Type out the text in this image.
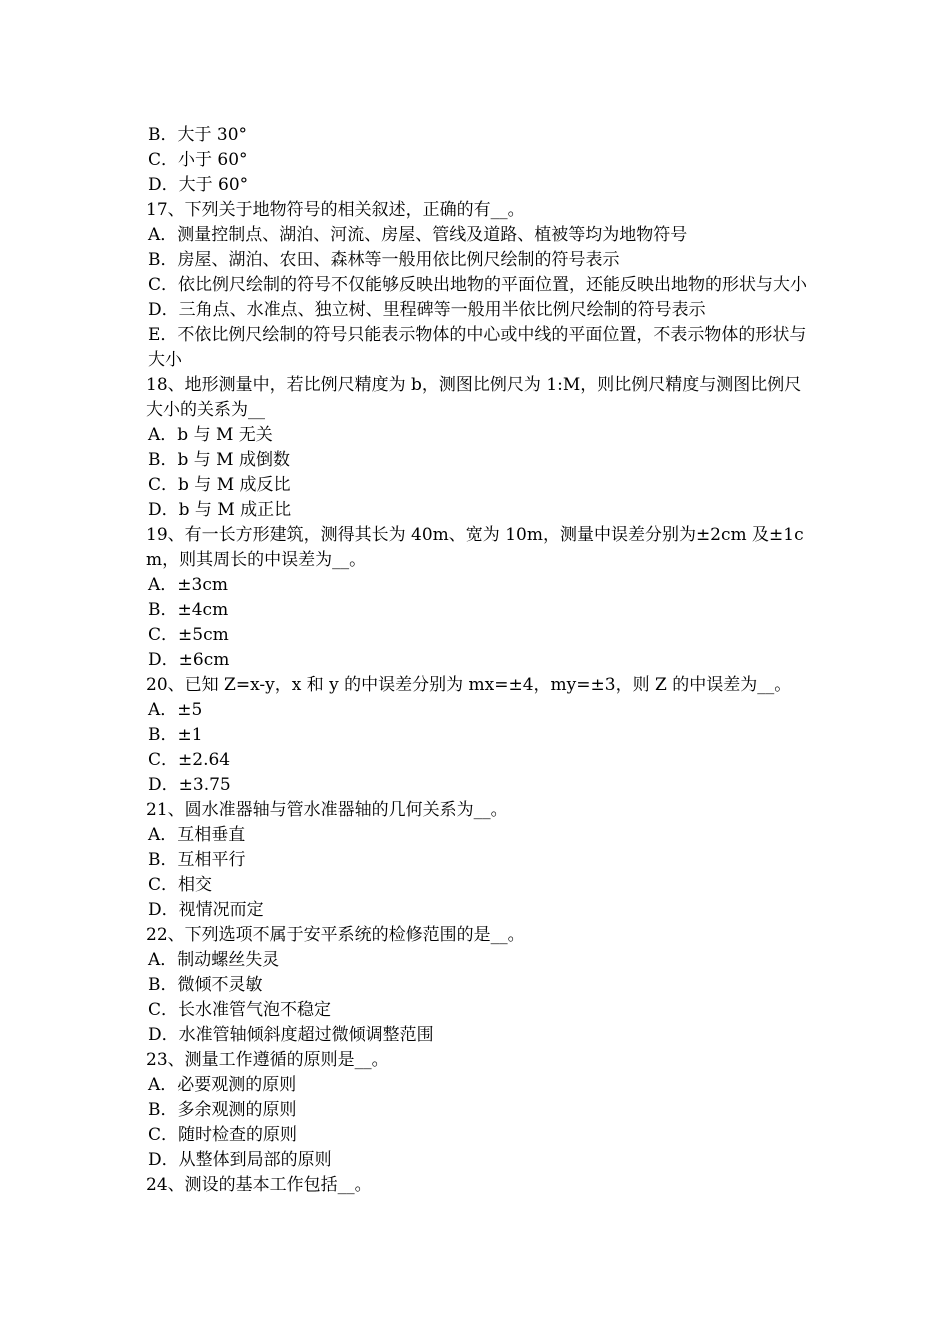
B．大于 30°
C．小于 60°
D．大于 60°
17、下列关于地物符号的相关叙述，正确的有__。
A．测量控制点、湖泊、河流、房屋、管线及道路、植被等均为地物符号
B．房屋、湖泊、农田、森林等一般用依比例尺绘制的符号表示
C．依比例尺绘制的符号不仅能够反映出地物的平面位置，还能反映出地物的形状与大小
D．三角点、水准点、独立树、里程碑等一般用半依比例尺绘制的符号表示
E．不依比例尺绘制的符号只能表示物体的中心或中线的平面位置，不表示物体的形状与大小
18、地形测量中，若比例尺精度为 b，测图比例尺为 1:M，则比例尺精度与测图比例尺大小的关系为__
A．b 与 M 无关
B．b 与 M 成倒数
C．b 与 M 成反比
D．b 与 M 成正比
19、有一长方形建筑，测得其长为 40m、宽为 10m，测量中误差分别为±2cm 及±1cm，则其周长的中误差为__。
A．±3cm
B．±4cm
C．±5cm
D．±6cm
20、已知 Z=x-y，x 和 y 的中误差分别为 mx=±4，my=±3，则 Z 的中误差为__。
A．±5
B．±1
C．±2.64
D．±3.75
21、圆水准器轴与管水准器轴的几何关系为__。
A．互相垂直
B．互相平行
C．相交
D．视情况而定
22、下列选项不属于安平系统的检修范围的是__。
A．制动螺丝失灵
B．微倾不灵敏
C．长水准管气泡不稳定
D．水准管轴倾斜度超过微倾调整范围
23、测量工作遵循的原则是__。
A．必要观测的原则
B．多余观测的原则
C．随时检查的原则
D．从整体到局部的原则
24、测设的基本工作包括__。
